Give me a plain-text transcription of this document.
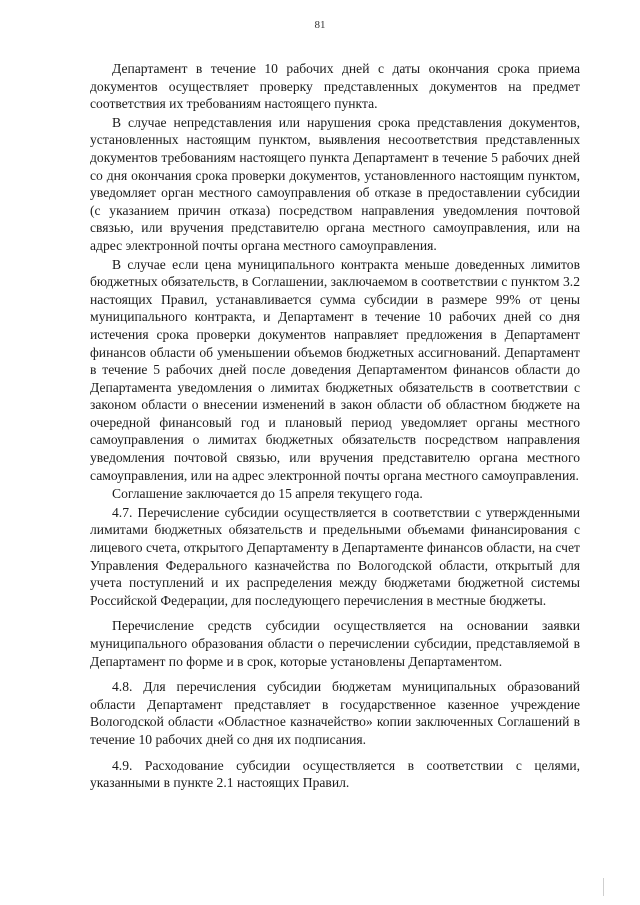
81

Департамент в течение 10 рабочих дней с даты окончания срока приема документов осуществляет проверку представленных документов на предмет соответствия их требованиям настоящего пункта.

В случае непредставления или нарушения срока представления документов, установленных настоящим пунктом, выявления несоответствия представленных документов требованиям настоящего пункта Департамент в течение 5 рабочих дней со дня окончания срока проверки документов, установленного настоящим пунктом, уведомляет орган местного самоуправления об отказе в предоставлении субсидии (с указанием причин отказа) посредством направления уведомления почтовой связью, или вручения представителю органа местного самоуправления, или на адрес электронной почты органа местного самоуправления.

В случае если цена муниципального контракта меньше доведенных лимитов бюджетных обязательств, в Соглашении, заключаемом в соответствии с пунктом 3.2 настоящих Правил, устанавливается сумма субсидии в размере 99% от цены муниципального контракта, и Департамент в течение 10 рабочих дней со дня истечения срока проверки документов направляет предложения в Департамент финансов области об уменьшении объемов бюджетных ассигнований. Департамент в течение 5 рабочих дней после доведения Департаментом финансов области до Департамента уведомления о лимитах бюджетных обязательств в соответствии с законом области о внесении изменений в закон области об областном бюджете на очередной финансовый год и плановый период уведомляет органы местного самоуправления о лимитах бюджетных обязательств посредством направления уведомления почтовой связью, или вручения представителю органа местного самоуправления, или на адрес электронной почты органа местного самоуправления.

Соглашение заключается до 15 апреля текущего года.

4.7. Перечисление субсидии осуществляется в соответствии с утвержденными лимитами бюджетных обязательств и предельными объемами финансирования с лицевого счета, открытого Департаменту в Департаменте финансов области, на счет Управления Федерального казначейства по Вологодской области, открытый для учета поступлений и их распределения между бюджетами бюджетной системы Российской Федерации, для последующего перечисления в местные бюджеты.

Перечисление средств субсидии осуществляется на основании заявки муниципального образования области о перечислении субсидии, представляемой в Департамент по форме и в срок, которые установлены Департаментом.

4.8. Для перечисления субсидии бюджетам муниципальных образований области Департамент представляет в государственное казенное учреждение Вологодской области «Областное казначейство» копии заключенных Соглашений в течение 10 рабочих дней со дня их подписания.

4.9. Расходование субсидии осуществляется в соответствии с целями, указанными в пункте 2.1 настоящих Правил.
